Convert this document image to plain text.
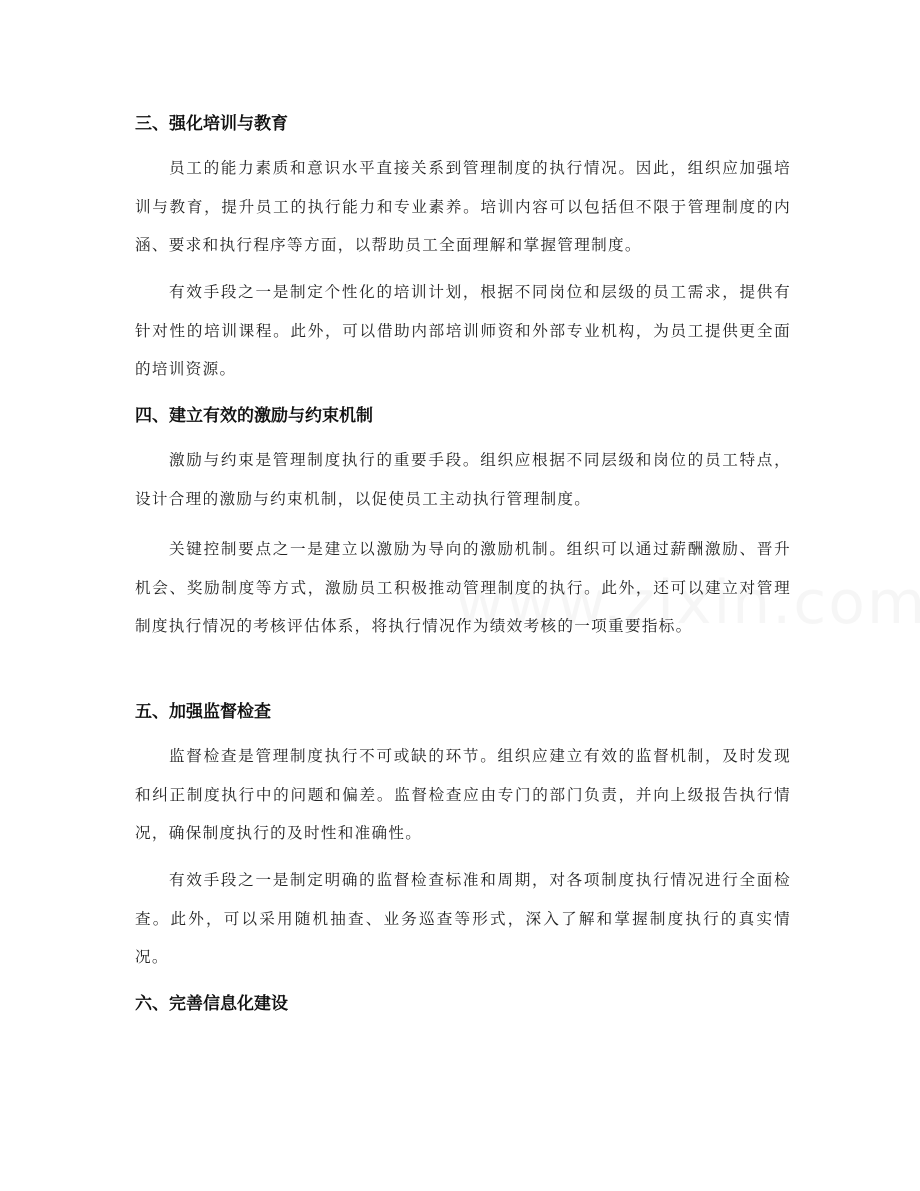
三、强化培训与教育

员工的能力素质和意识水平直接关系到管理制度的执行情况。因此，组织应加强培训与教育，提升员工的执行能力和专业素养。培训内容可以包括但不限于管理制度的内涵、要求和执行程序等方面，以帮助员工全面理解和掌握管理制度。

有效手段之一是制定个性化的培训计划，根据不同岗位和层级的员工需求，提供有针对性的培训课程。此外，可以借助内部培训师资和外部专业机构，为员工提供更全面的培训资源。

四、建立有效的激励与约束机制

激励与约束是管理制度执行的重要手段。组织应根据不同层级和岗位的员工特点，设计合理的激励与约束机制，以促使员工主动执行管理制度。

关键控制要点之一是建立以激励为导向的激励机制。组织可以通过薪酬激励、晋升机会、奖励制度等方式，激励员工积极推动管理制度的执行。此外，还可以建立对管理制度执行情况的考核评估体系，将执行情况作为绩效考核的一项重要指标。

五、加强监督检查

监督检查是管理制度执行不可或缺的环节。组织应建立有效的监督机制，及时发现和纠正制度执行中的问题和偏差。监督检查应由专门的部门负责，并向上级报告执行情况，确保制度执行的及时性和准确性。

有效手段之一是制定明确的监督检查标准和周期，对各项制度执行情况进行全面检查。此外，可以采用随机抽查、业务巡查等形式，深入了解和掌握制度执行的真实情况。

六、完善信息化建设
